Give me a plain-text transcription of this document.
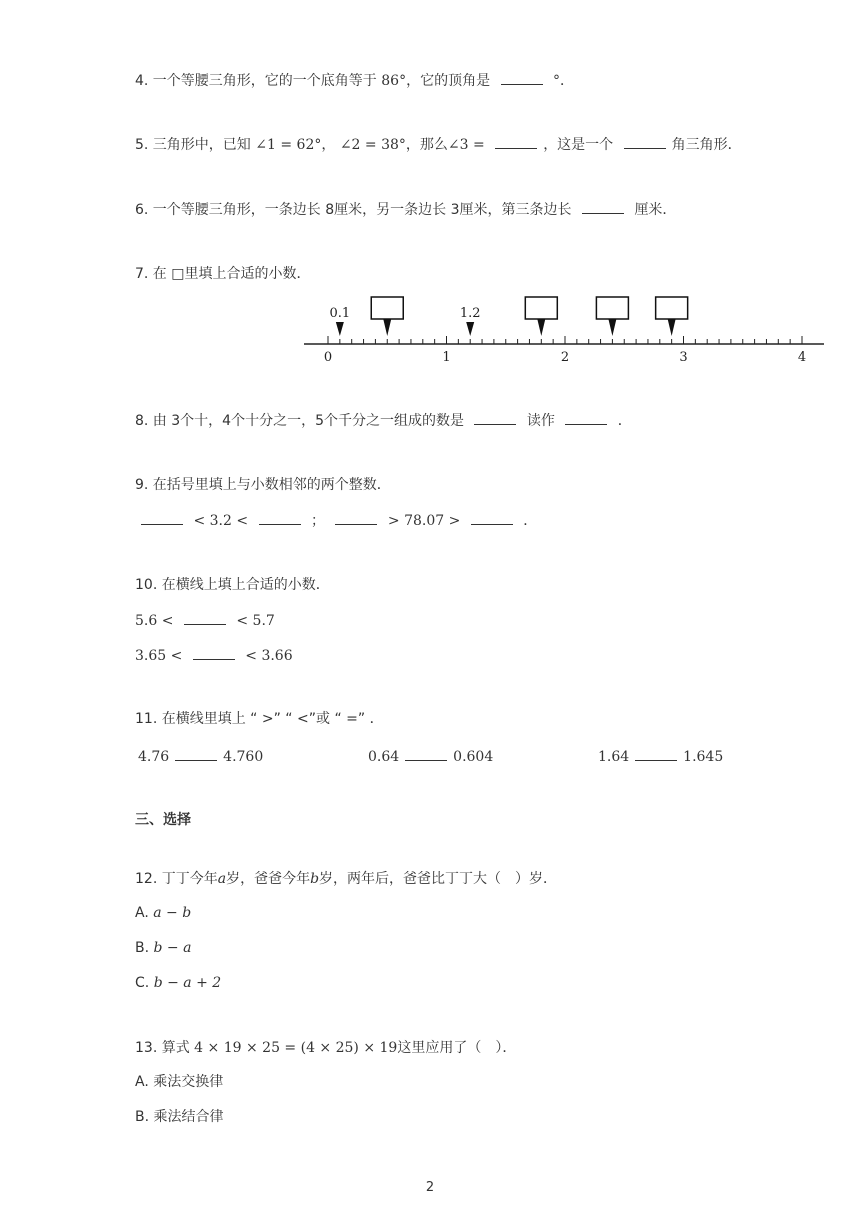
4. 一个等腰三角形，它的一个底角等于 86°，它的顶角是	°．
5. 三角形中，已知 ∠1 = 62°， ∠2 = 38°，那么∠3 =	，这是一个	角三角形．
6. 一个等腰三角形，一条边长 8厘米，另一条边长 3厘米，第三条边长	厘米．
7. 在 □里填上合适的小数．
0	1	2	3	4
0.1	1.2
8. 由 3个十，4个十分之一，5个千分之一组成的数是	读作	．
9. 在括号里填上与小数相邻的两个整数．
< 3.2 <	；	> 78.07 >	．
10. 在横线上填上合适的小数．
5.6 <	< 5.7
3.65 <	< 3.66
11. 在横线里填上 “ >” “ <”或 “ =” ．
4.76	4.760	0.64	0.604	1.64	1.645
三、选择
12. 丁丁今年a岁，爸爸今年b岁，两年后，爸爸比丁丁大（　）岁．
A. a − b
B. b − a
C. b − a + 2
13. 算式 4 × 19 × 25 = (4 × 25) × 19这里应用了（　）．
A. 乘法交换律
B. 乘法结合律
2
